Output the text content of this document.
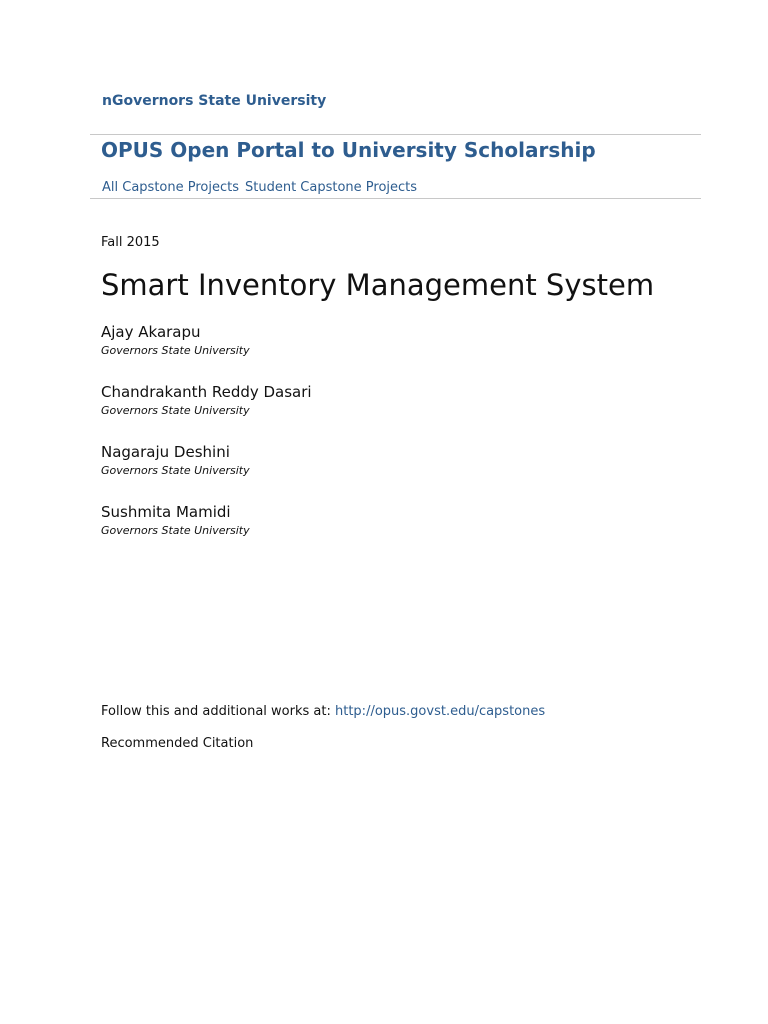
nGovernors State University
OPUS Open Portal to University Scholarship
All Capstone Projects Student Capstone Projects
Fall 2015
Smart Inventory Management System
Ajay Akarapu
Governors State University
Chandrakanth Reddy Dasari
Governors State University
Nagaraju Deshini
Governors State University
Sushmita Mamidi
Governors State University
Follow this and additional works at: http://opus.govst.edu/capstones
Recommended Citation
